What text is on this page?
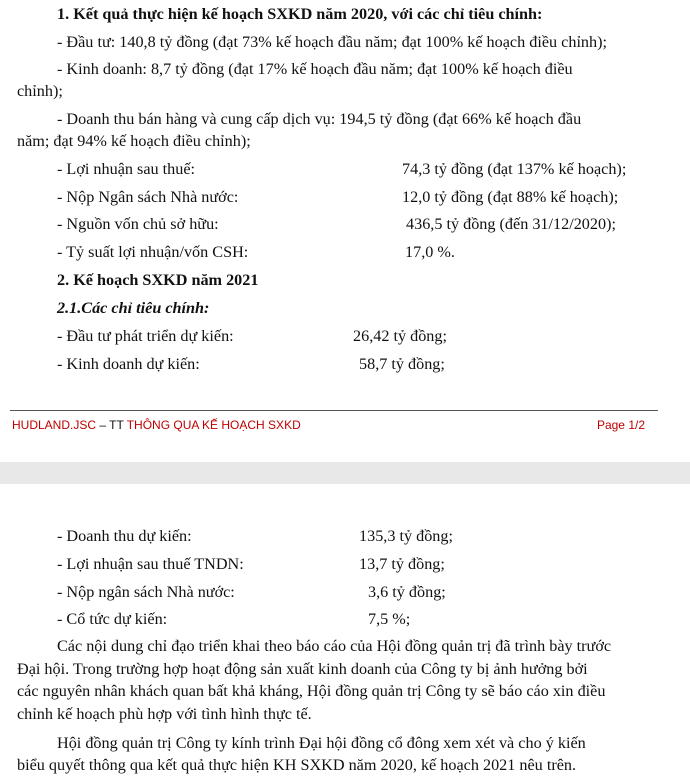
1. Kết quả thực hiện kế hoạch SXKD năm 2020, với các chỉ tiêu chính:
- Đầu tư: 140,8 tỷ đồng (đạt 73% kế hoạch đầu năm; đạt 100% kế hoạch điều chỉnh);
- Kinh doanh: 8,7 tỷ đồng (đạt 17% kế hoạch đầu năm; đạt 100% kế hoạch điều
chỉnh);
- Doanh thu bán hàng và cung cấp dịch vụ: 194,5 tỷ đồng (đạt 66% kế hoạch đầu
năm; đạt 94% kế hoạch điều chỉnh);
- Lợi nhuận sau thuế:	74,3 tỷ đồng (đạt 137% kế hoạch);
- Nộp Ngân sách Nhà nước:	12,0 tỷ đồng (đạt 88% kế hoạch);
- Nguồn vốn chủ sở hữu:	436,5 tỷ đồng (đến 31/12/2020);
- Tỷ suất lợi nhuận/vốn CSH:	17,0 %.
2. Kế hoạch SXKD năm 2021
2.1.Các chỉ tiêu chính:
- Đầu tư phát triển dự kiến:	26,42 tỷ đồng;
- Kinh doanh dự kiến:	58,7 tỷ đồng;
HUDLAND.JSC – TT THÔNG QUA KẾ HOẠCH SXKD	Page 1/2
- Doanh thu dự kiến:	135,3 tỷ đồng;
- Lợi nhuận sau thuế TNDN:	13,7 tỷ đồng;
- Nộp ngân sách Nhà nước:	3,6 tỷ đồng;
- Cổ tức dự kiến:	7,5 %;
Các nội dung chỉ đạo triển khai theo báo cáo của Hội đồng quản trị đã trình bày trước
Đại hội. Trong trường hợp hoạt động sản xuất kinh doanh của Công ty bị ảnh hưởng bởi
các nguyên nhân khách quan bất khả kháng, Hội đồng quản trị Công ty sẽ báo cáo xin điều
chỉnh kế hoạch phù hợp với tình hình thực tế.
Hội đồng quản trị Công ty kính trình Đại hội đồng cổ đông xem xét và cho ý kiến
biểu quyết thông qua kết quả thực hiện KH SXKD năm 2020, kế hoạch 2021 nêu trên.
